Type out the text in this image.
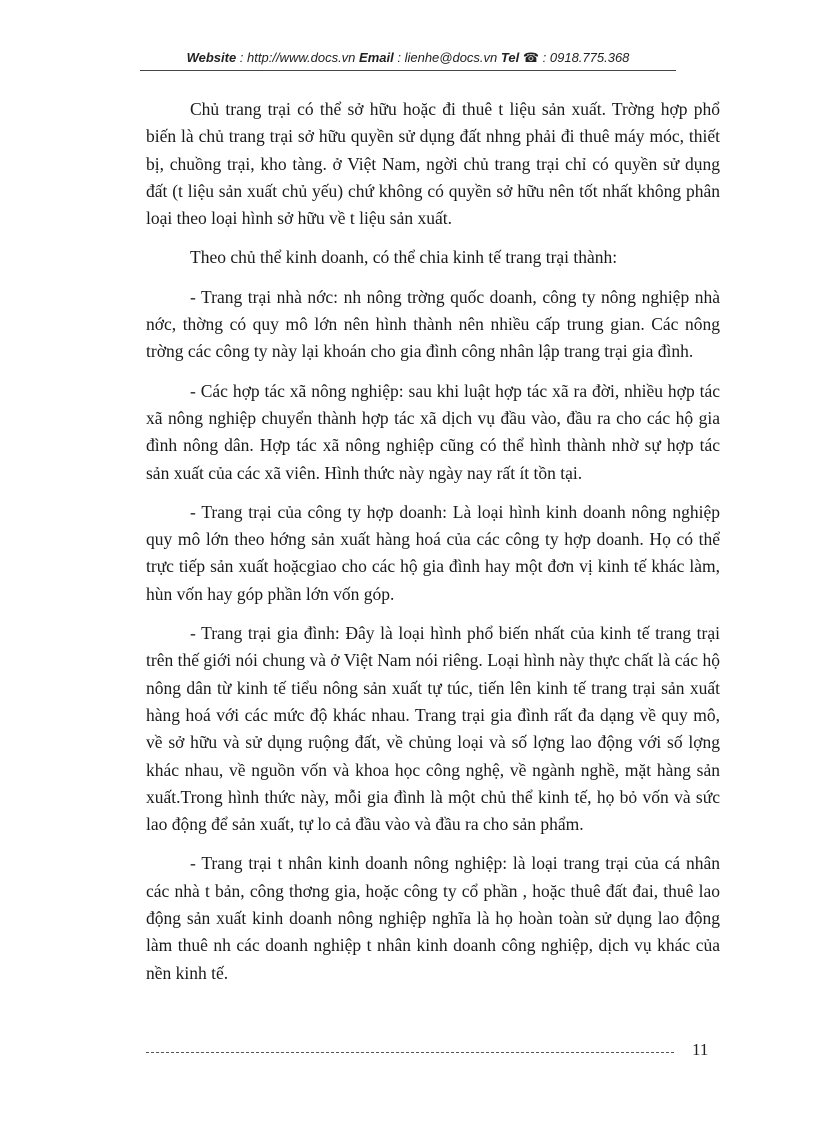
Website : http://www.docs.vn Email : lienhe@docs.vn Tel ☎ : 0918.775.368

Chủ trang trại có thể sở hữu hoặc đi thuê t liệu sản xuất. Trờng hợp phổ biến là chủ trang trại sở hữu quyền sử dụng đất nhng phải đi thuê máy móc, thiết bị, chuồng trại, kho tàng. ở Việt Nam, ngời chủ trang trại chỉ có quyền sử dụng đất (t liệu sản xuất chủ yếu) chứ không có quyền sở hữu nên tốt nhất không phân loại theo loại hình sở hữu về t liệu sản xuất.

Theo chủ thể kinh doanh, có thể chia kinh tế trang trại thành:

- Trang trại nhà nớc: nh nông trờng quốc doanh, công ty nông nghiệp nhà nớc, thờng có quy mô lớn nên hình thành nên nhiều cấp trung gian. Các nông trờng các công ty này lại khoán cho gia đình công nhân lập trang trại gia đình.

- Các hợp tác xã nông nghiệp: sau khi luật hợp tác xã ra đời, nhiều hợp tác xã nông nghiệp chuyển thành hợp tác xã dịch vụ đầu vào, đầu ra cho các hộ gia đình nông dân. Hợp tác xã nông nghiệp cũng có thể hình thành nhờ sự hợp tác sản xuất của các xã viên. Hình thức này ngày nay rất ít tồn tại.

- Trang trại của công ty hợp doanh: Là loại hình kinh doanh nông nghiệp quy mô lớn theo hớng sản xuất hàng hoá của các công ty hợp doanh. Họ có thể trực tiếp sản xuất hoặcgiao cho các hộ gia đình hay một đơn vị kinh tế khác làm, hùn vốn hay góp phần lớn vốn góp.

- Trang trại gia đình: Đây là loại hình phổ biến nhất của kinh tế trang trại trên thế giới nói chung và ở Việt Nam nói riêng. Loại hình này thực chất là các hộ nông dân từ kinh tế tiểu nông sản xuất tự túc, tiến lên kinh tế trang trại sản xuất hàng hoá với các mức độ khác nhau. Trang trại gia đình rất đa dạng về quy mô, về sở hữu và sử dụng ruộng đất, về chủng loại và số lợng lao động với số lợng khác nhau, về nguồn vốn và khoa học công nghệ, về ngành nghề, mặt hàng sản xuất.Trong hình thức này, mỗi gia đình là một chủ thể kinh tế, họ bỏ vốn và sức lao động để sản xuất, tự lo cả đầu vào và đầu ra cho sản phẩm.

- Trang trại t nhân kinh doanh nông nghiệp: là loại trang trại của cá nhân các nhà t bản, công thơng gia, hoặc công ty cổ phần , hoặc thuê đất đai, thuê lao động sản xuất kinh doanh nông nghiệp nghĩa là họ hoàn toàn sử dụng lao động làm thuê nh các doanh nghiệp t nhân kinh doanh công nghiệp, dịch vụ khác của nền kinh tế.

11
